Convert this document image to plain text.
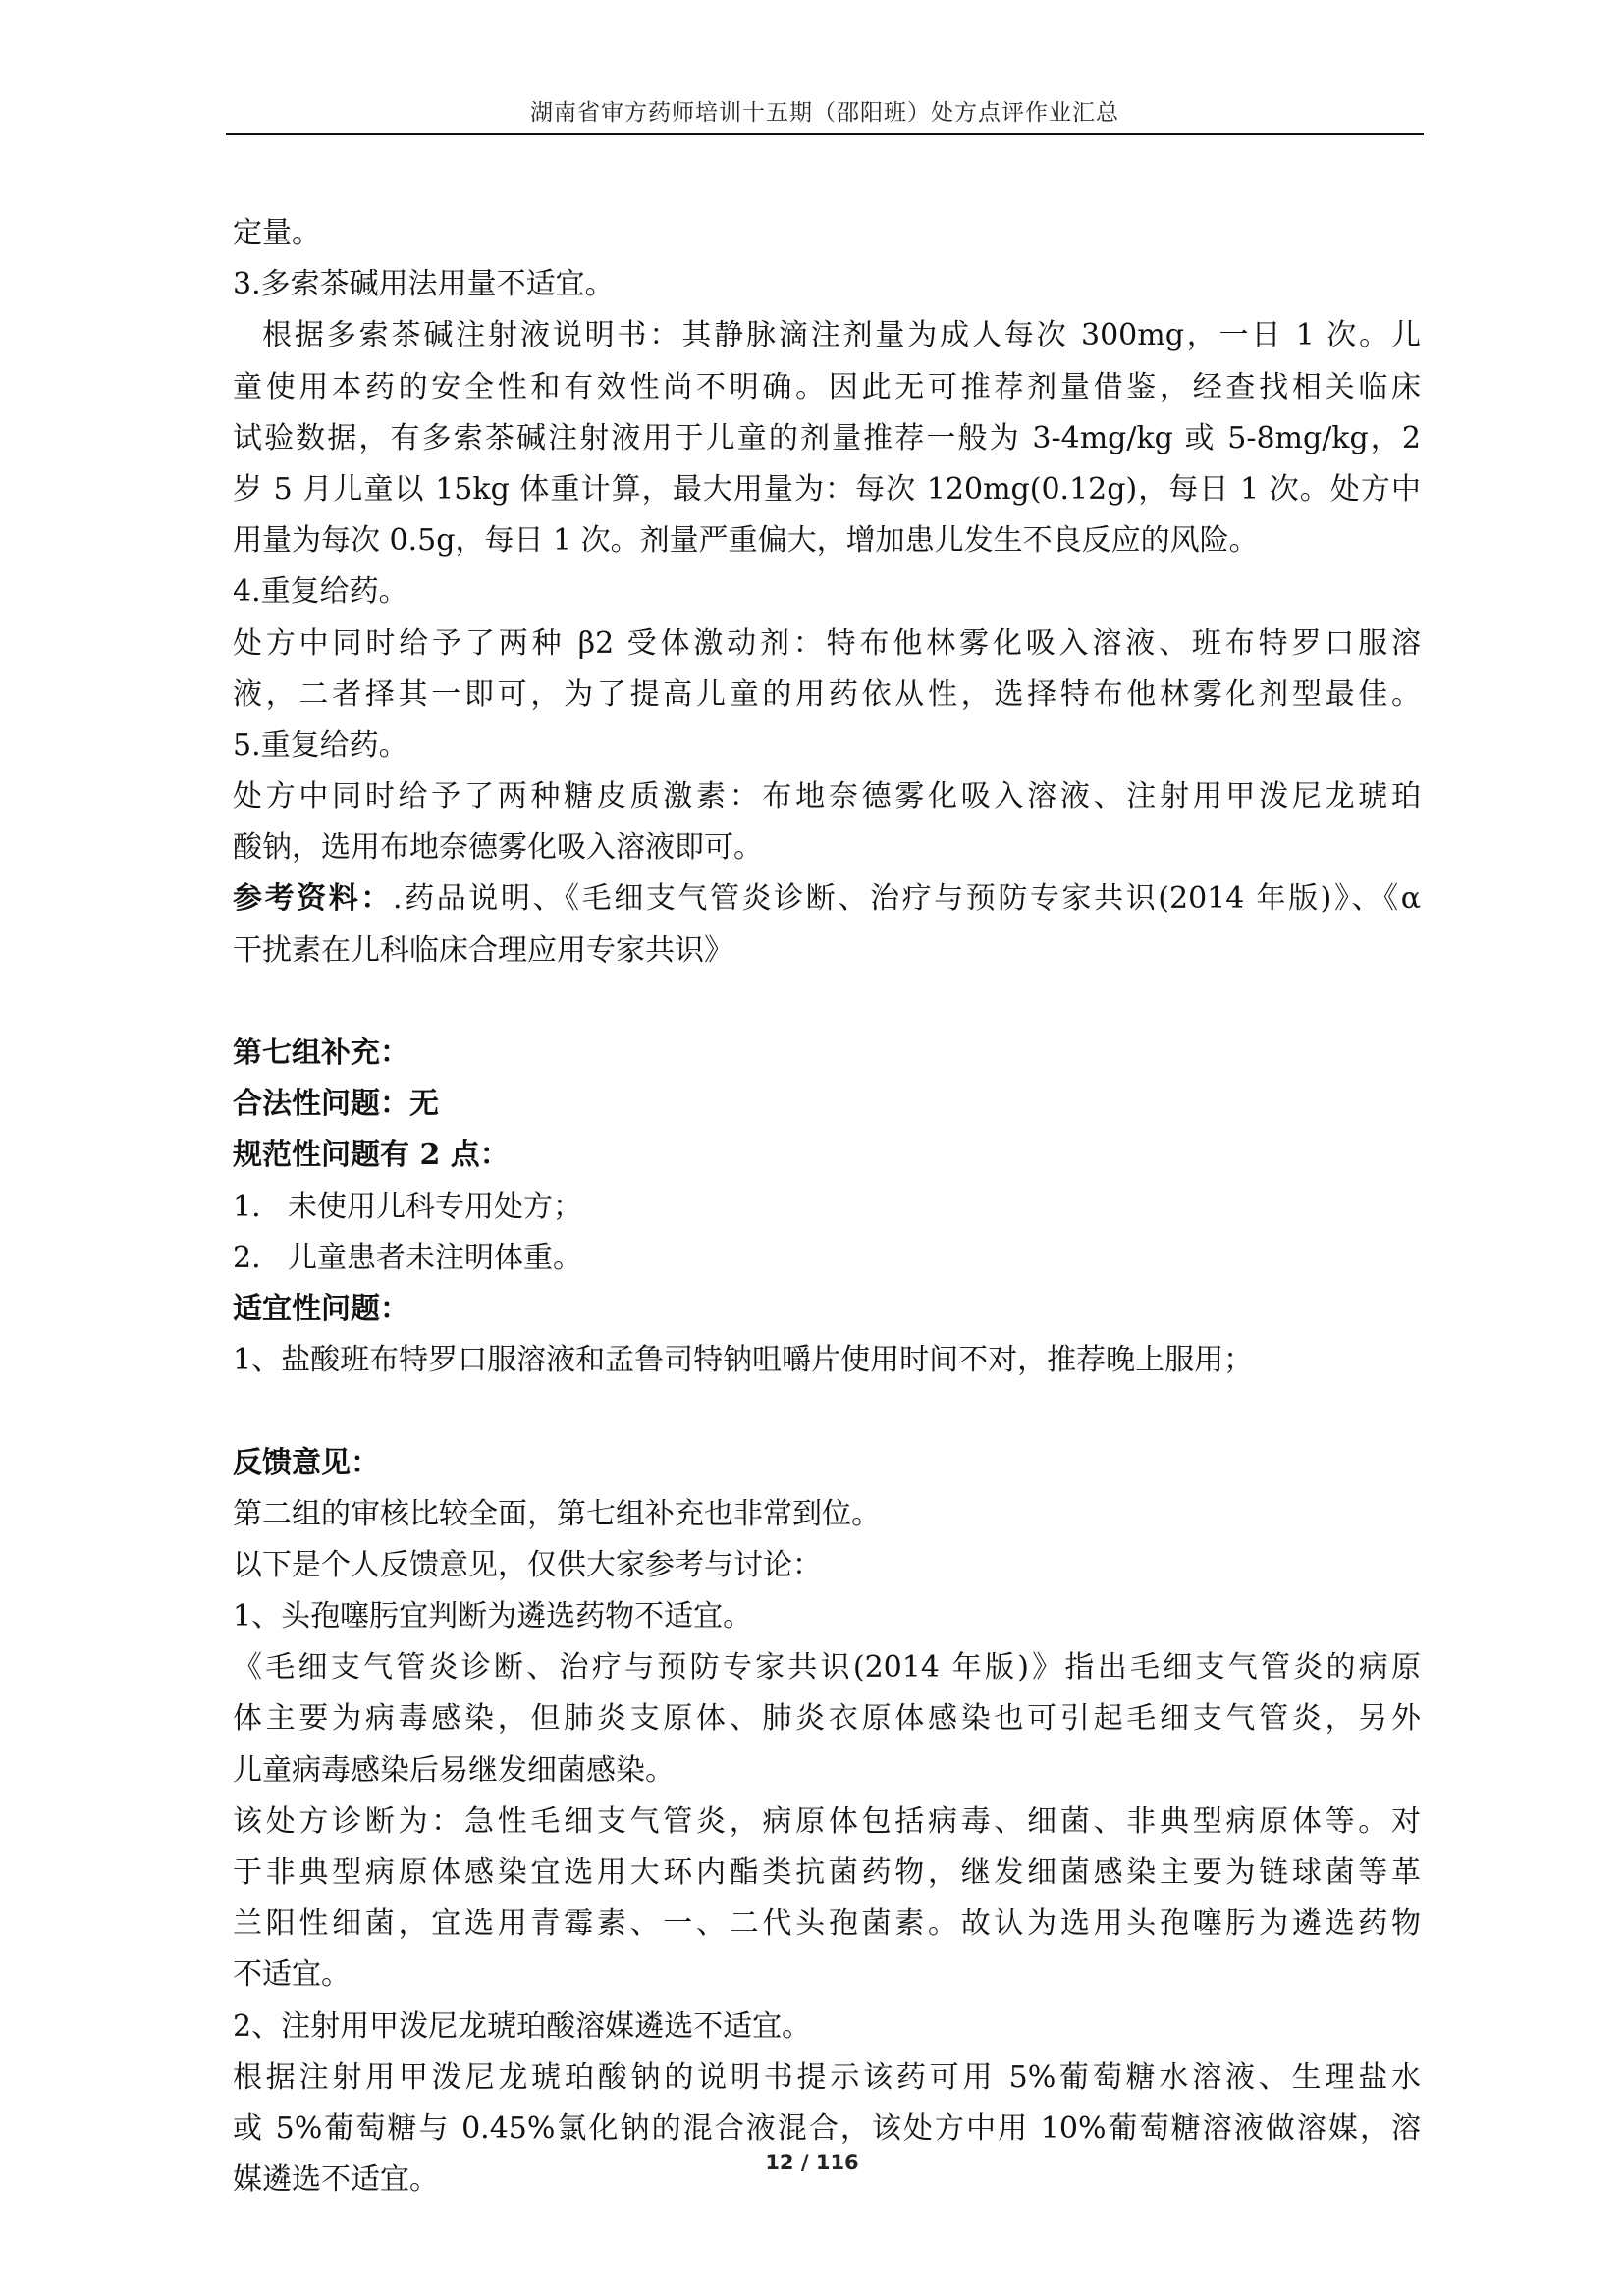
湖南省审方药师培训十五期（邵阳班）处方点评作业汇总
定量。
3.多索茶碱用法用量不适宜。
根据多索茶碱注射液说明书：其静脉滴注剂量为成人每次 300mg，一日 1 次。儿
童使用本药的安全性和有效性尚不明确。因此无可推荐剂量借鉴，经查找相关临床
试验数据，有多索茶碱注射液用于儿童的剂量推荐一般为 3-4mg/kg 或 5-8mg/kg，2
岁 5 月儿童以 15kg 体重计算，最大用量为：每次 120mg(0.12g)，每日 1 次。处方中
用量为每次 0.5g，每日 1 次。剂量严重偏大，增加患儿发生不良反应的风险。
4.重复给药。
处方中同时给予了两种 β2 受体激动剂：特布他林雾化吸入溶液、班布特罗口服溶
液，二者择其一即可，为了提高儿童的用药依从性，选择特布他林雾化剂型最佳。
5.重复给药。
处方中同时给予了两种糖皮质激素：布地奈德雾化吸入溶液、注射用甲泼尼龙琥珀
酸钠，选用布地奈德雾化吸入溶液即可。
参考资料：.药品说明、《毛细支气管炎诊断、治疗与预防专家共识(2014 年版)》、《α
干扰素在儿科临床合理应用专家共识》
第七组补充：
合法性问题：无
规范性问题有 2 点：
1. 未使用儿科专用处方；
2. 儿童患者未注明体重。
适宜性问题：
1、盐酸班布特罗口服溶液和孟鲁司特钠咀嚼片使用时间不对，推荐晚上服用；
反馈意见：
第二组的审核比较全面，第七组补充也非常到位。
以下是个人反馈意见，仅供大家参考与讨论：
1、头孢噻肟宜判断为遴选药物不适宜。
《毛细支气管炎诊断、治疗与预防专家共识(2014 年版)》指出毛细支气管炎的病原
体主要为病毒感染，但肺炎支原体、肺炎衣原体感染也可引起毛细支气管炎，另外
儿童病毒感染后易继发细菌感染。
该处方诊断为：急性毛细支气管炎，病原体包括病毒、细菌、非典型病原体等。对
于非典型病原体感染宜选用大环内酯类抗菌药物，继发细菌感染主要为链球菌等革
兰阳性细菌，宜选用青霉素、一、二代头孢菌素。故认为选用头孢噻肟为遴选药物
不适宜。
2、注射用甲泼尼龙琥珀酸溶媒遴选不适宜。
根据注射用甲泼尼龙琥珀酸钠的说明书提示该药可用 5%葡萄糖水溶液、生理盐水
或 5%葡萄糖与 0.45%氯化钠的混合液混合，该处方中用 10%葡萄糖溶液做溶媒，溶
媒遴选不适宜。
12 / 116
